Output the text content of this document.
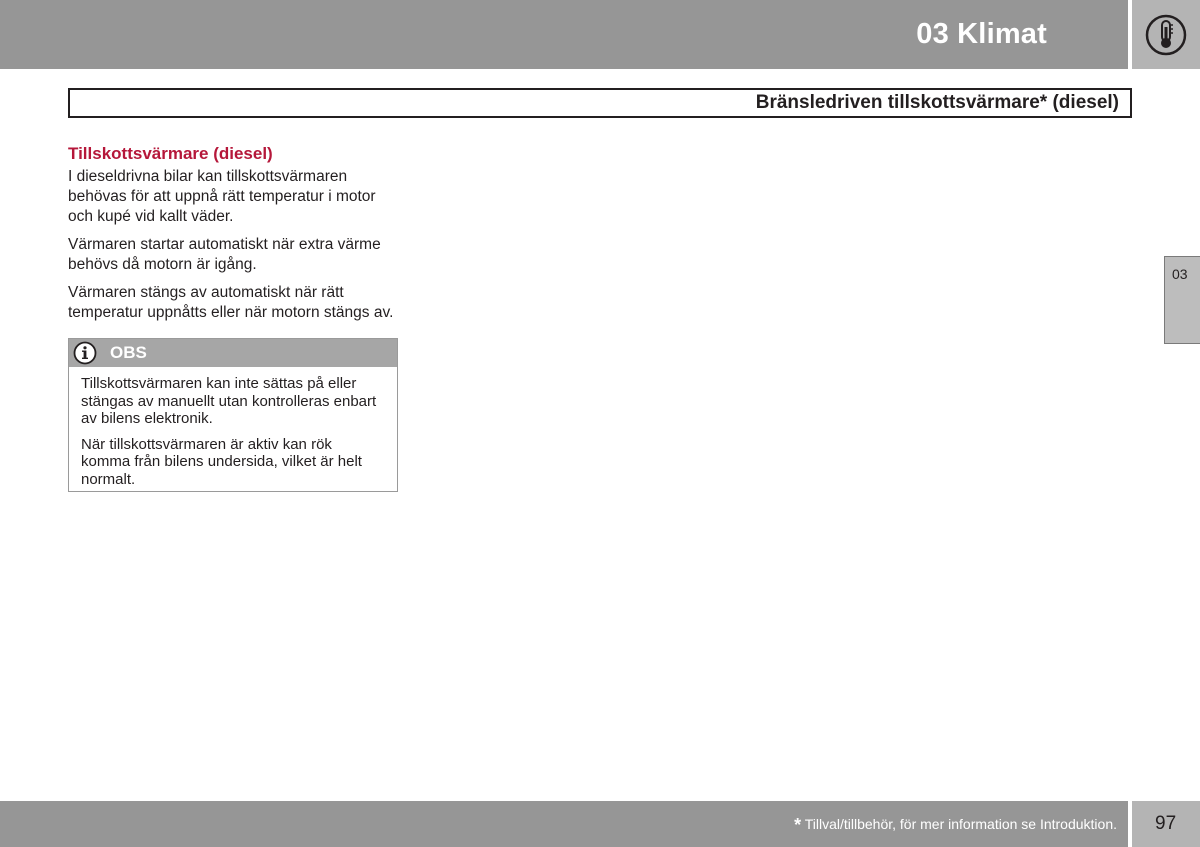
03 Klimat
Bränsledriven tillskottsvärmare* (diesel)
03
Tillskottsvärmare (diesel)

I dieseldrivna bilar kan tillskottsvärmaren behövas för att uppnå rätt temperatur i motor och kupé vid kallt väder.

Värmaren startar automatiskt när extra värme behövs då motorn är igång.

Värmaren stängs av automatiskt när rätt temperatur uppnåtts eller när motorn stängs av.

OBS

Tillskottsvärmaren kan inte sättas på eller stängas av manuellt utan kontrolleras enbart av bilens elektronik.

När tillskottsvärmaren är aktiv kan rök komma från bilens undersida, vilket är helt normalt.

* Tillval/tillbehör, för mer information se Introduktion. 97
